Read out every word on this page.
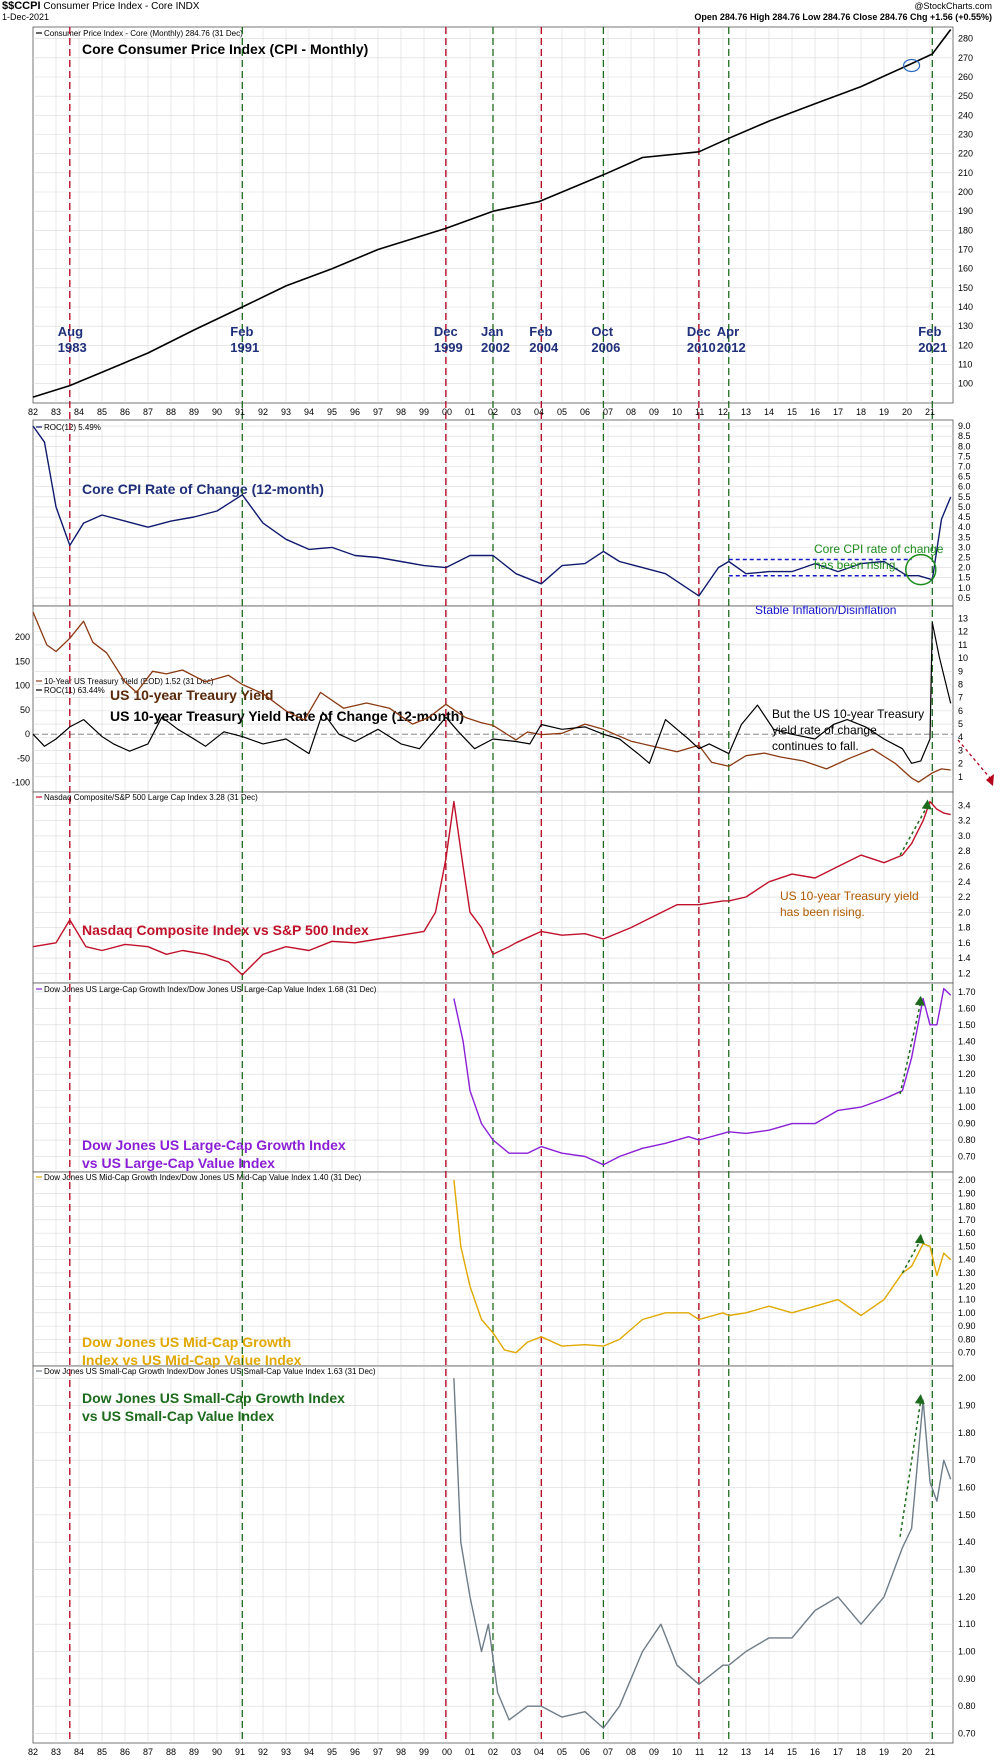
$$CCPI Consumer Price Index - Core INDX
1-Dec-2021
@StockCharts.com
Open 284.76 High 284.76 Low 284.76 Close 284.76 Chg +1.56 (+0.55%)
280
270
260
250
240
230
220
210
200
190
180
170
160
150
140
130
120
110
100
Consumer Price Index - Core (Monthly) 284.76 (31 Dec)
Core Consumer Price Index (CPI - Monthly)
9.0
8.5
8.0
7.5
7.0
6.5
6.0
5.5
5.0
4.5
4.0
3.5
3.0
2.5
2.0
1.5
1.0
0.5
ROC(12) 5.49%
Core CPI Rate of Change (12-month)
13
12
11
10
9
8
7
6
5
4
3
2
1
200
150
100
50
0
-50
-100
10-Year US Treasury Yield (EOD) 1.52 (31 Dec)
ROC(11) 63.44% US 10-year Treaury Yield
US 10-year Treasury Yield Rate of Change (12-month)
3.4
3.2
3.0
2.8
2.6
2.4
2.2
2.0
1.8
1.6
1.4
1.2
Nasdaq Composite/S&P 500 Large Cap Index 3.28 (31 Dec)
Nasdaq Composite Index vs S&P 500 Index
1.70
1.60
1.50
1.40
1.30
1.20
1.10
1.00
0.90
0.80
0.70
Dow Jones US Large-Cap Growth Index/Dow Jones US Large-Cap Value Index 1.68 (31 Dec)
Dow Jones US Large-Cap Growth Index
vs US Large-Cap Value Index
2.00
1.90
1.80
1.70
1.60
1.50
1.40
1.30
1.20
1.10
1.00
0.90
0.80
0.70
Dow Jones US Mid-Cap Growth Index/Dow Jones US Mid-Cap Value Index 1.40 (31 Dec)
Dow Jones US Mid-Cap Growth
Index vs US Mid-Cap Value Index
2.00
1.90
1.80
1.70
1.60
1.50
1.40
1.30
1.20
1.10
1.00
0.90
0.80
0.70
Dow Jones US Small-Cap Growth Index/Dow Jones US Small-Cap Value Index 1.63 (31 Dec)
Dow Jones US Small-Cap Growth Index
vs US Small-Cap Value Index
Aug
1983
Feb
1991
Dec
1999
Jan
2002
Feb
2004
Oct
2006
Dec
2010
Apr
2012
Feb
2021
Core CPI rate of change
has been rising.
Stable Inflation/Disinflation
But the US 10-year Treasury
yield rate of change
continues to fall.
US 10-year Treasury yield
has been rising.
82
82
83
83
84
84
85
85
86
86
87
87
88
88
89
89
90
90
91
91
92
92
93
93
94
94
95
95
96
96
97
97
98
98
99
99
00
00
01
01
02
02
03
03
04
04
05
05
06
06
07
07
08
08
09
09
10
10
11
11
12
12
13
13
14
14
15
15
16
16
17
17
18
18
19
19
20
20
21
21
